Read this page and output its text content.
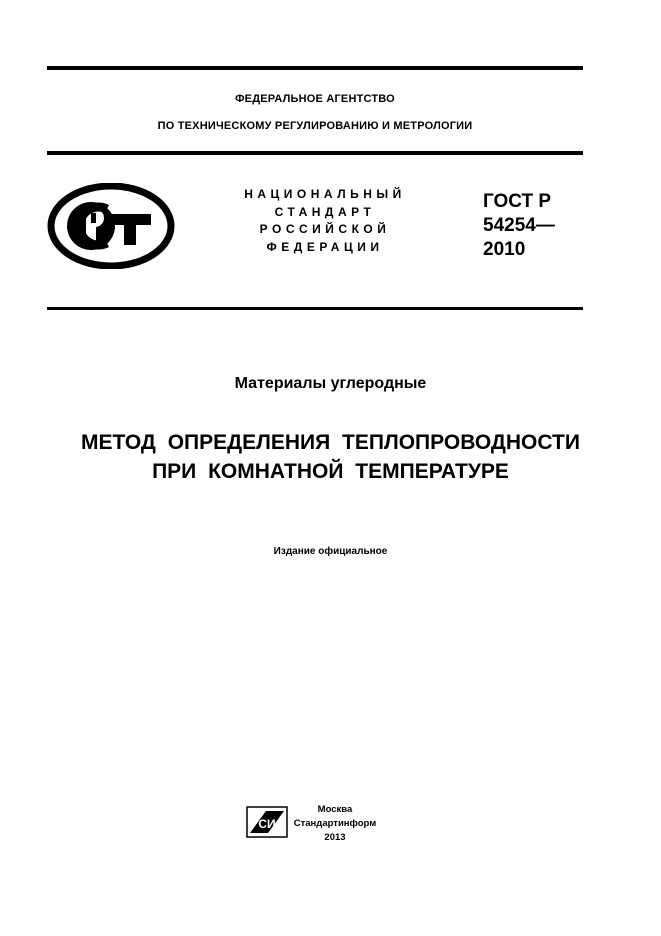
ФЕДЕРАЛЬНОЕ АГЕНТСТВО
ПО ТЕХНИЧЕСКОМУ РЕГУЛИРОВАНИЮ И МЕТРОЛОГИИ
НАЦИОНАЛЬНЫЙ
СТАНДАРТ
РОССИЙСКОЙ
ФЕДЕРАЦИИ
ГОСТ Р
54254—
2010
Материалы углеродные
МЕТОД ОПРЕДЕЛЕНИЯ ТЕПЛОПРОВОДНОСТИ
ПРИ КОМНАТНОЙ ТЕМПЕРАТУРЕ
Издание официальное
СИ
Москва
Стандартинформ
2013
